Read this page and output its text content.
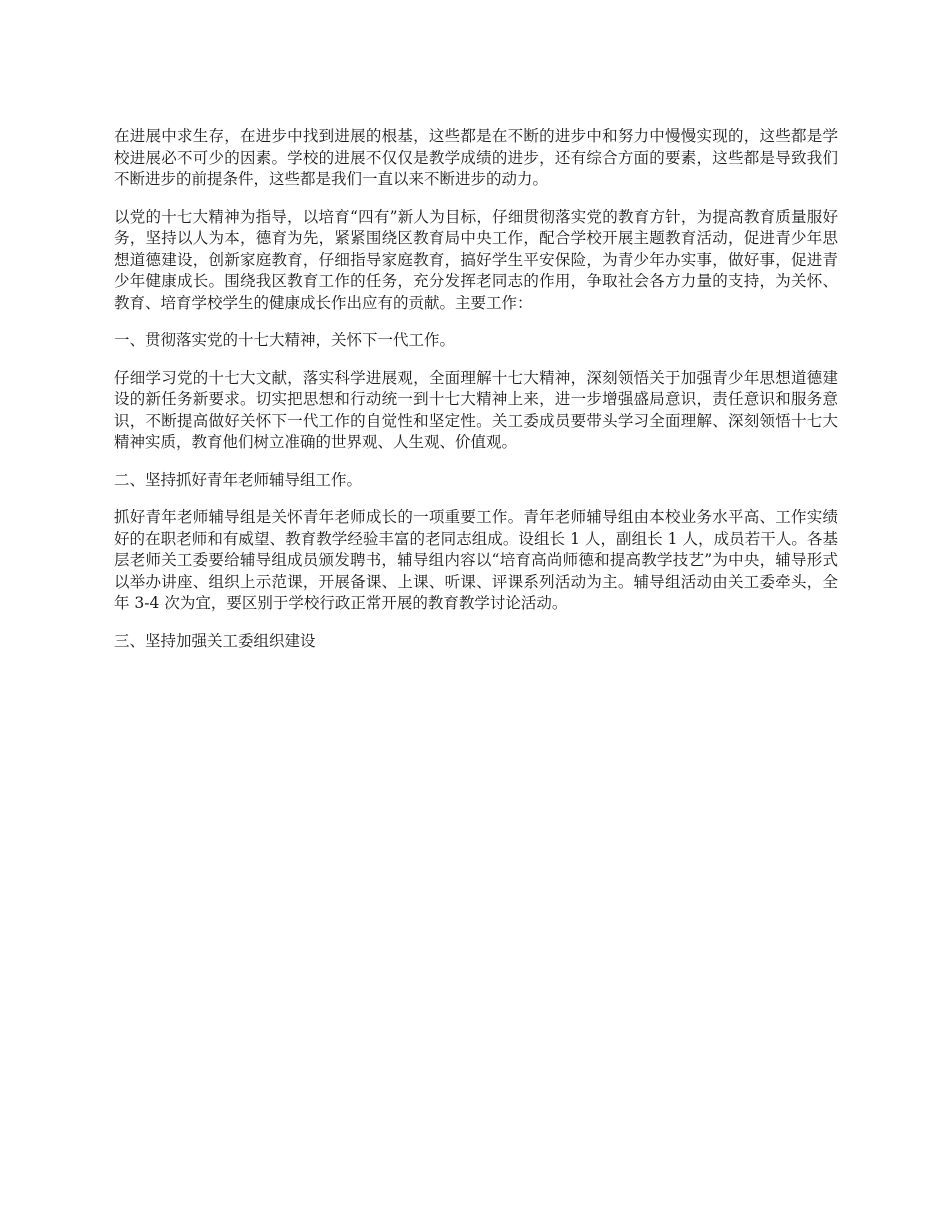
在进展中求生存，在进步中找到进展的根基，这些都是在不断的进步中和努力中慢慢实现的，这些都是学校进展必不可少的因素。学校的进展不仅仅是教学成绩的进步，还有综合方面的要素，这些都是导致我们不断进步的前提条件，这些都是我们一直以来不断进步的动力。

以党的十七大精神为指导，以培育“四有”新人为目标，仔细贯彻落实党的教育方针，为提高教育质量服好务，坚持以人为本，德育为先，紧紧围绕区教育局中央工作，配合学校开展主题教育活动，促进青少年思想道德建设，创新家庭教育，仔细指导家庭教育，搞好学生平安保险，为青少年办实事，做好事，促进青少年健康成长。围绕我区教育工作的任务，充分发挥老同志的作用，争取社会各方力量的支持，为关怀、教育、培育学校学生的健康成长作出应有的贡献。主要工作：

一、贯彻落实党的十七大精神，关怀下一代工作。

仔细学习党的十七大文献，落实科学进展观，全面理解十七大精神，深刻领悟关于加强青少年思想道德建设的新任务新要求。切实把思想和行动统一到十七大精神上来，进一步增强盛局意识，责任意识和服务意识，不断提高做好关怀下一代工作的自觉性和坚定性。关工委成员要带头学习全面理解、深刻领悟十七大精神实质，教育他们树立准确的世界观、人生观、价值观。

二、坚持抓好青年老师辅导组工作。

抓好青年老师辅导组是关怀青年老师成长的一项重要工作。青年老师辅导组由本校业务水平高、工作实绩好的在职老师和有威望、教育教学经验丰富的老同志组成。设组长 1 人，副组长 1 人，成员若干人。各基层老师关工委要给辅导组成员颁发聘书，辅导组内容以“培育高尚师德和提高教学技艺”为中央，辅导形式以举办讲座、组织上示范课，开展备课、上课、听课、评课系列活动为主。辅导组活动由关工委牵头，全年 3-4 次为宜，要区别于学校行政正常开展的教育教学讨论活动。

三、坚持加强关工委组织建设
